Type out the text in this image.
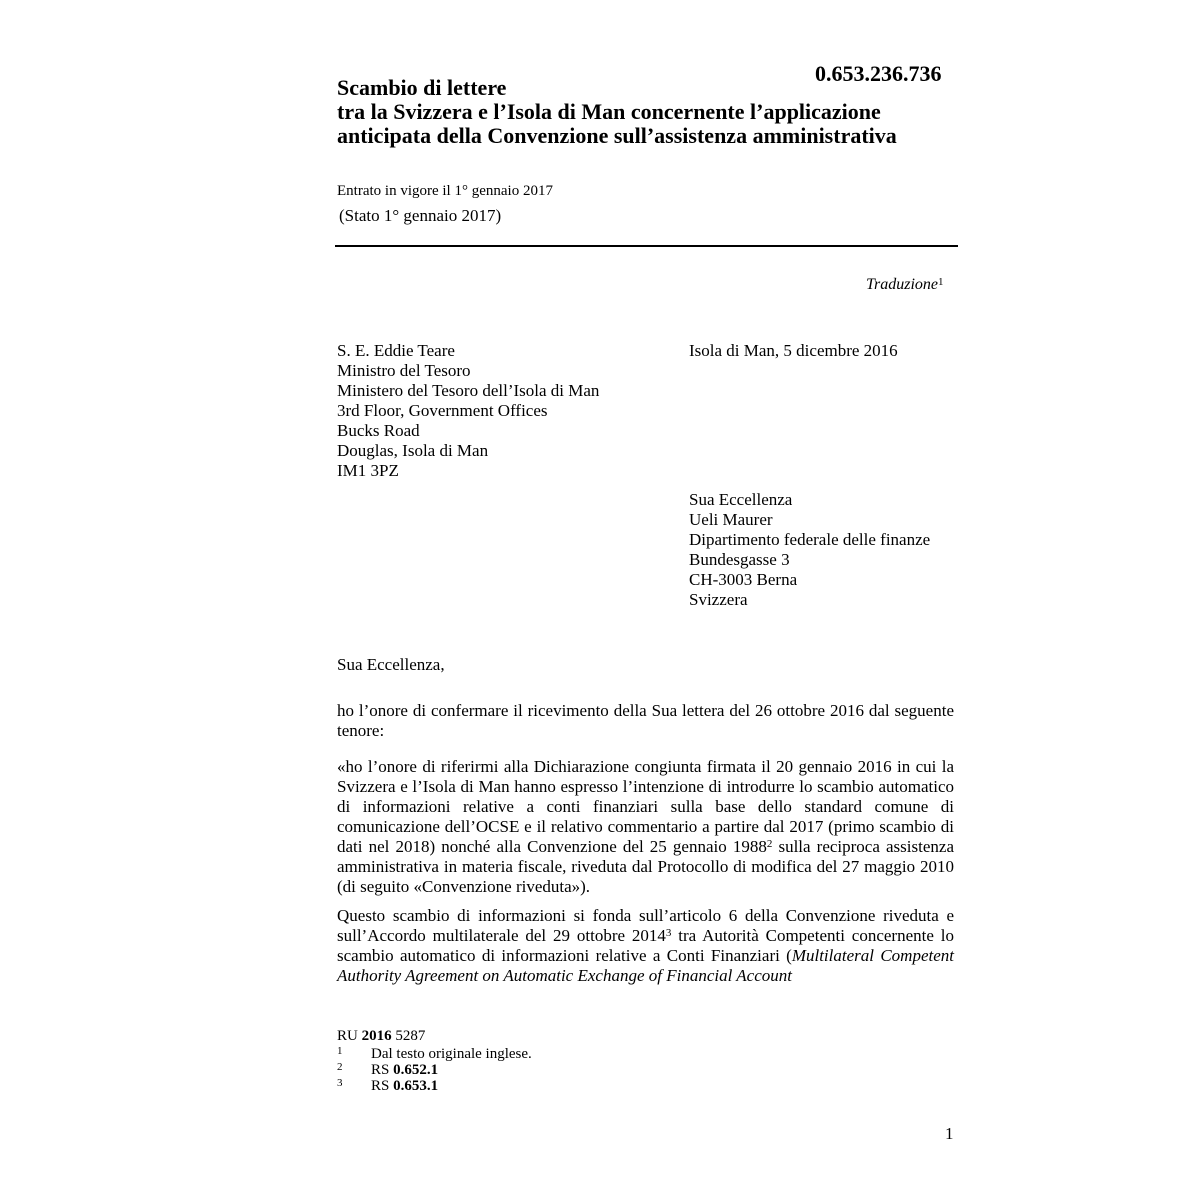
0.653.236.736
Scambio di lettere
tra la Svizzera e l’Isola di Man concernente l’applicazione
anticipata della Convenzione sull’assistenza amministrativa
Entrato in vigore il 1° gennaio 2017
(Stato 1° gennaio 2017)
Traduzione$^1$
S. E. Eddie Teare
Ministro del Tesoro
Ministero del Tesoro dell’Isola di Man
3rd Floor, Government Offices
Bucks Road
Douglas, Isola di Man
IM1 3PZ
Isola di Man, 5 dicembre 2016
Sua Eccellenza
Ueli Maurer
Dipartimento federale delle finanze
Bundesgasse 3
CH-3003 Berna
Svizzera
Sua Eccellenza,
ho l’onore di confermare il ricevimento della Sua lettera del 26 ottobre 2016 dal seguente tenore:
«ho l’onore di riferirmi alla Dichiarazione congiunta firmata il 20 gennaio 2016 in cui la Svizzera e l’Isola di Man hanno espresso l’intenzione di introdurre lo scambio automatico di informazioni relative a conti finanziari sulla base dello standard comune di comunicazione dell’OCSE e il relativo commentario a partire dal 2017 (primo scambio di dati nel 2018) nonché alla Convenzione del 25 gennaio 1988$^2$ sulla reciproca assistenza amministrativa in materia fiscale, riveduta dal Protocollo di modifica del 27 maggio 2010 (di seguito «Convenzione riveduta»).
Questo scambio di informazioni si fonda sull’articolo 6 della Convenzione riveduta e sull’Accordo multilaterale del 29 ottobre 2014$^3$ tra Autorità Competenti concernente lo scambio automatico di informazioni relative a Conti Finanziari (Multilateral Competent Authority Agreement on Automatic Exchange of Financial Account
RU 2016 5287
1	Dal testo originale inglese.
2	RS 0.652.1
3	RS 0.653.1
1
